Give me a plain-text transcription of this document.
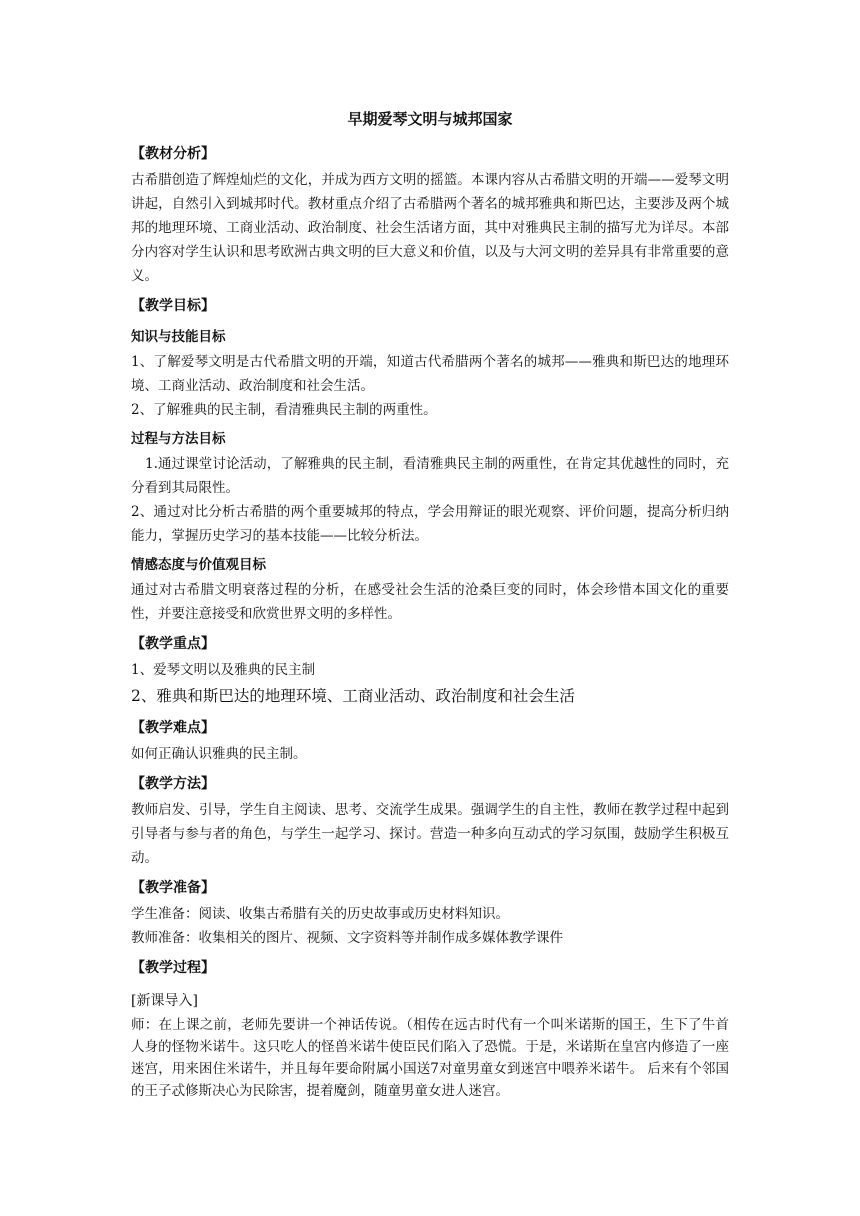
早期爱琴文明与城邦国家
【教材分析】

古希腊创造了辉煌灿烂的文化，并成为西方文明的摇篮。本课内容从古希腊文明的开端——爱琴文明讲起，自然引入到城邦时代。教材重点介绍了古希腊两个著名的城邦雅典和斯巴达，主要涉及两个城邦的地理环境、工商业活动、政治制度、社会生活诸方面，其中对雅典民主制的描写尤为详尽。本部分内容对学生认识和思考欧洲古典文明的巨大意义和价值，以及与大河文明的差异具有非常重要的意义。

【教学目标】
知识与技能目标

1、了解爱琴文明是古代希腊文明的开端，知道古代希腊两个著名的城邦——雅典和斯巴达的地理环境、工商业活动、政治制度和社会生活。

2、了解雅典的民主制，看清雅典民主制的两重性。

过程与方法目标

1.通过课堂讨论活动，了解雅典的民主制，看清雅典民主制的两重性，在肯定其优越性的同时，充分看到其局限性。

2、通过对比分析古希腊的两个重要城邦的特点，学会用辩证的眼光观察、评价问题，提高分析归纳能力，掌握历史学习的基本技能——比较分析法。

情感态度与价值观目标

通过对古希腊文明衰落过程的分析，在感受社会生活的沧桑巨变的同时，体会珍惜本国文化的重要性，并要注意接受和欣赏世界文明的多样性。

【教学重点】

1、爱琴文明以及雅典的民主制

2、雅典和斯巴达的地理环境、工商业活动、政治制度和社会生活

【教学难点】

如何正确认识雅典的民主制。

【教学方法】

教师启发、引导，学生自主阅读、思考、交流学生成果。强调学生的自主性，教师在教学过程中起到引导者与参与者的角色，与学生一起学习、探讨。营造一种多向互动式的学习氛围，鼓励学生积极互动。

【教学准备】

学生准备：阅读、收集古希腊有关的历史故事或历史材料知识。

教师准备：收集相关的图片、视频、文字资料等并制作成多媒体教学课件

【教学过程】
[新课导入]

师：在上课之前，老师先要讲一个神话传说。（相传在远古时代有一个叫米诺斯的国王，生下了牛首人身的怪物米诺牛。这只吃人的怪兽米诺牛使臣民们陷入了恐慌。于是，米诺斯在皇宫内修造了一座迷宫，用来困住米诺牛，并且每年要命附属小国送7对童男童女到迷宫中喂养米诺牛。 后来有个邻国的王子忒修斯决心为民除害，提着魔剑，随童男童女进人迷宫。
